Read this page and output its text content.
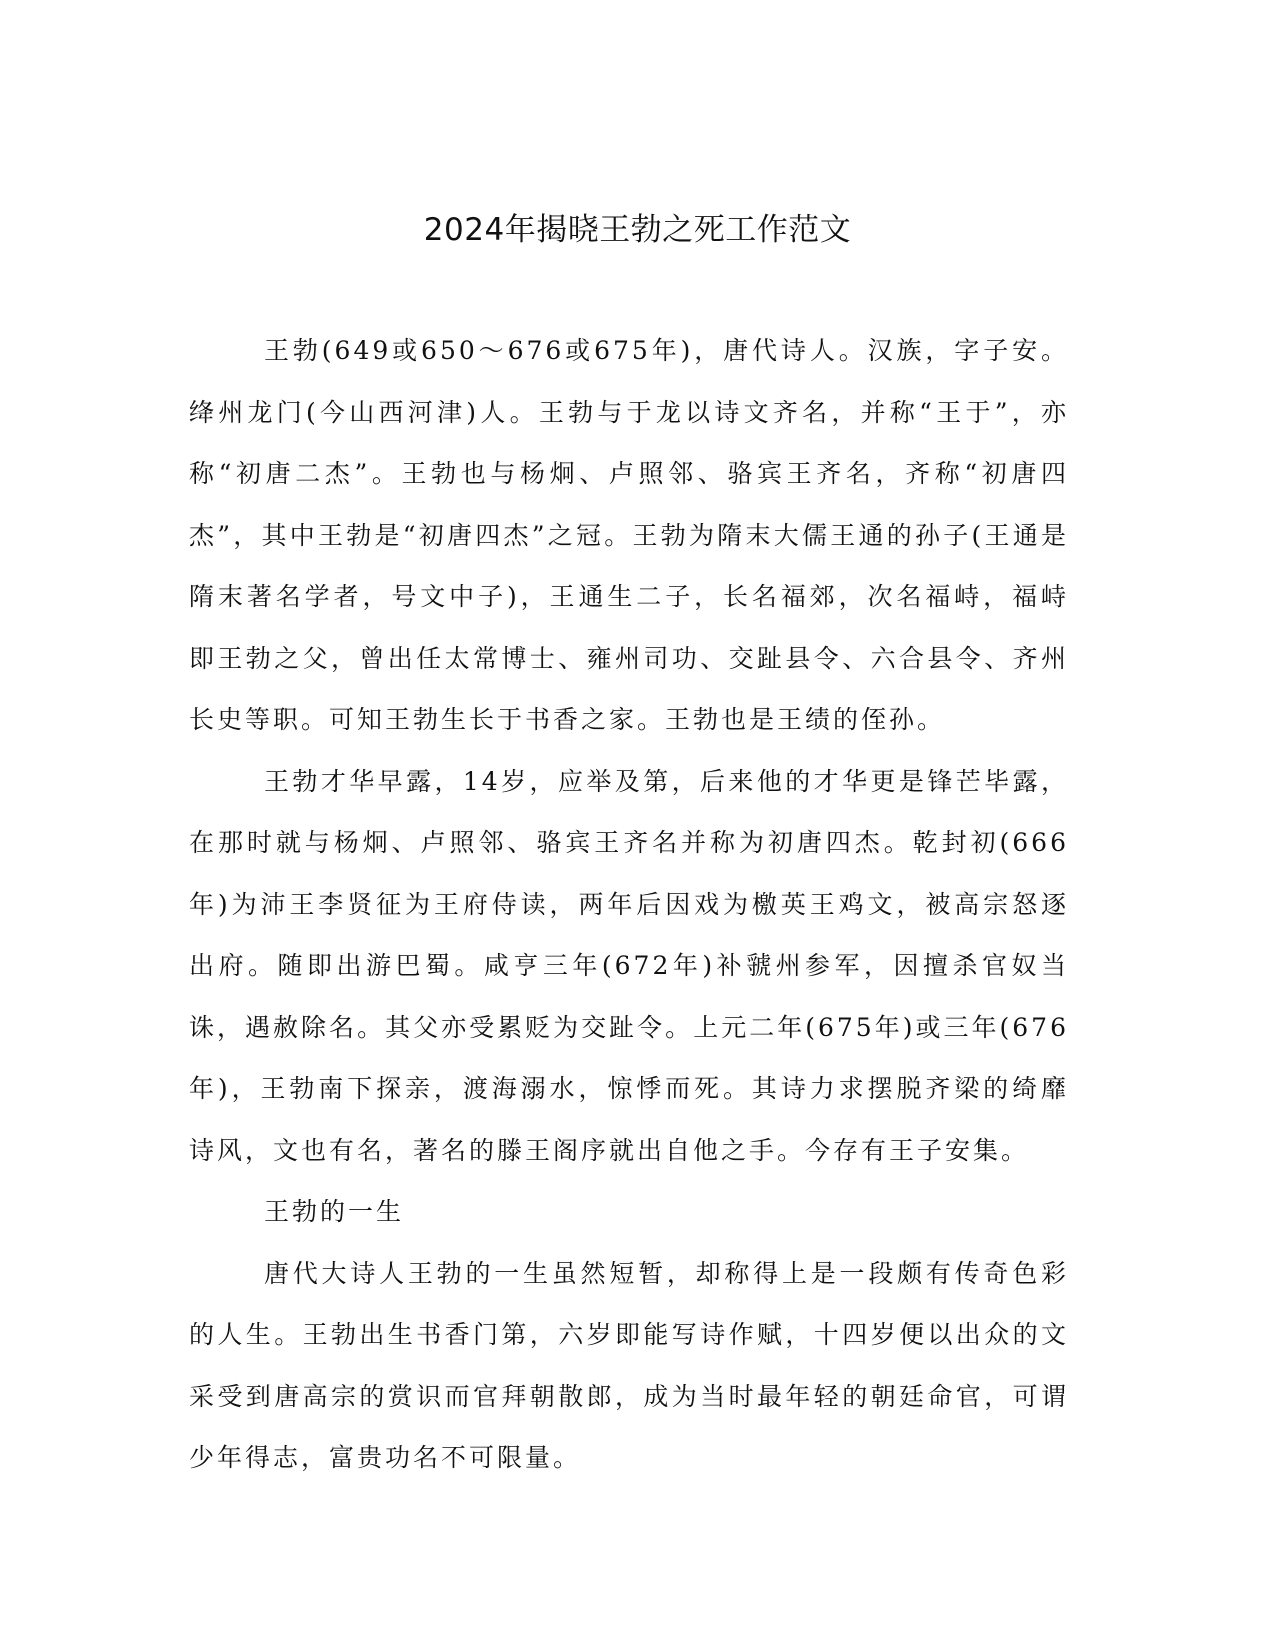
2024年揭晓王勃之死工作范文

王勃(649或650～676或675年)，唐代诗人。汉族，字子安。绛州龙门(今山西河津)人。王勃与于龙以诗文齐名，并称“王于”，亦称“初唐二杰”。王勃也与杨炯、卢照邻、骆宾王齐名，齐称“初唐四杰”，其中王勃是“初唐四杰”之冠。王勃为隋末大儒王通的孙子(王通是隋末著名学者，号文中子)，王通生二子，长名福郊，次名福峙，福峙即王勃之父，曾出任太常博士、雍州司功、交趾县令、六合县令、齐州长史等职。可知王勃生长于书香之家。王勃也是王绩的侄孙。

王勃才华早露，14岁，应举及第，后来他的才华更是锋芒毕露，在那时就与杨炯、卢照邻、骆宾王齐名并称为初唐四杰。乾封初(666年)为沛王李贤征为王府侍读，两年后因戏为檄英王鸡文，被高宗怒逐出府。随即出游巴蜀。咸亨三年(672年)补虢州参军，因擅杀官奴当诛，遇赦除名。其父亦受累贬为交趾令。上元二年(675年)或三年(676年)，王勃南下探亲，渡海溺水，惊悸而死。其诗力求摆脱齐梁的绮靡诗风，文也有名，著名的滕王阁序就出自他之手。今存有王子安集。

王勃的一生

唐代大诗人王勃的一生虽然短暂，却称得上是一段颇有传奇色彩的人生。王勃出生书香门第，六岁即能写诗作赋，十四岁便以出众的文采受到唐高宗的赏识而官拜朝散郎，成为当时最年轻的朝廷命官，可谓少年得志，富贵功名不可限量。
